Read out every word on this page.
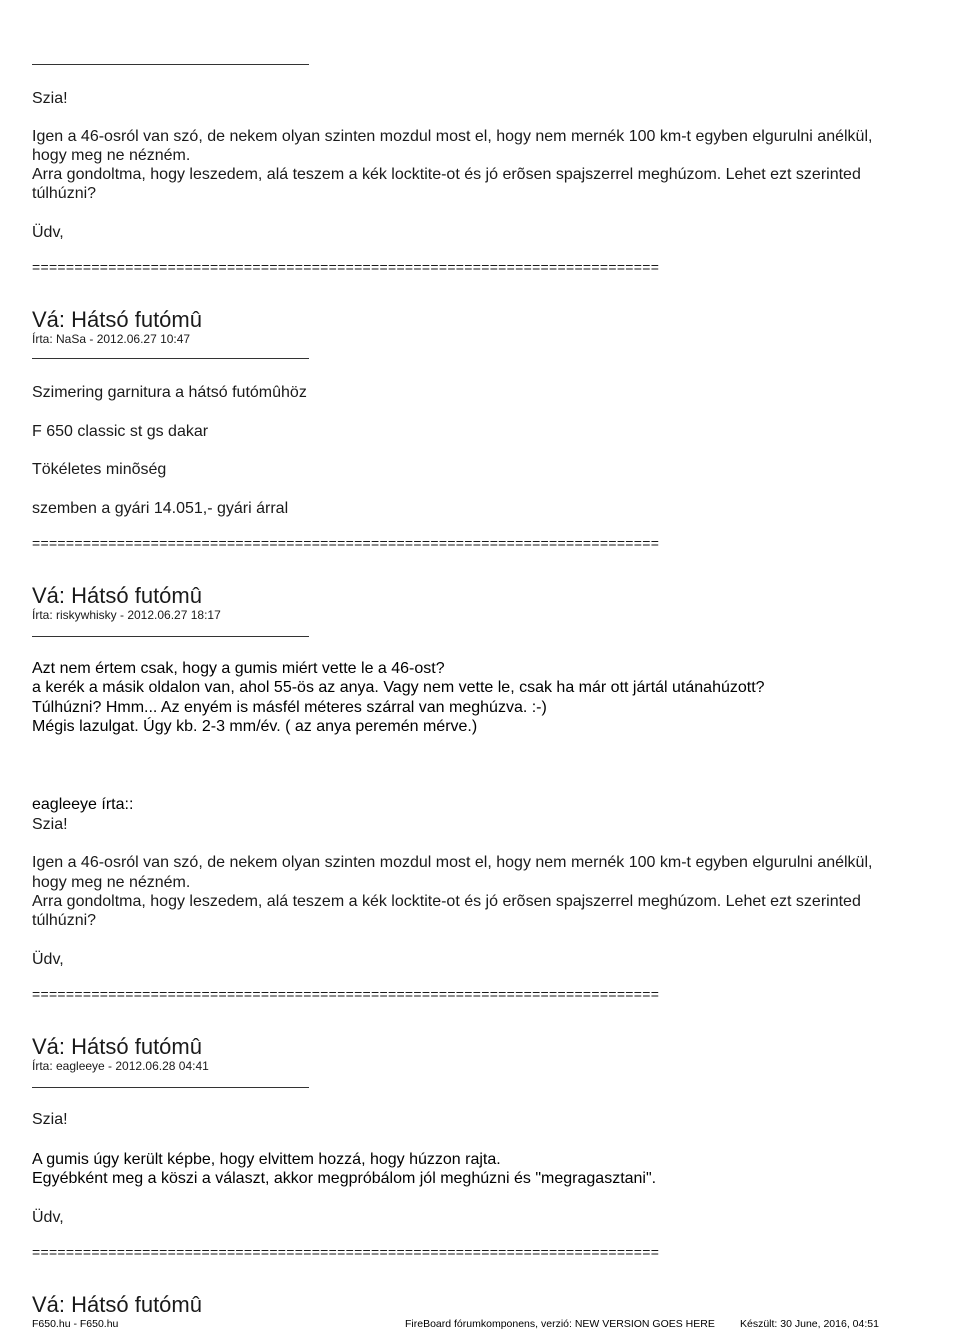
Szia!

Igen a 46-osról van szó, de nekem olyan szinten mozdul most el, hogy nem mernék 100 km-t egyben elgurulni anélkül,

hogy meg ne nézném.

Arra gondoltma, hogy leszedem, alá teszem a kék locktite-ot és jó erõsen spajszerrel meghúzom. Lehet ezt szerinted

túlhúzni?

Üdv,

==========================================================================

Vá: Hátsó futómû

Írta: NaSa - 2012.06.27 10:47

Szimering garnitura a hátsó futómûhöz

F 650 classic st gs dakar

Tökéletes minõség

szemben a gyári 14.051,- gyári árral

==========================================================================

Vá: Hátsó futómû

Írta: riskywhisky - 2012.06.27 18:17

Azt nem értem csak, hogy a gumis miért vette le a 46-ost?

a kerék a másik oldalon van, ahol 55-ös az anya. Vagy nem vette le, csak ha már ott jártál utánahúzott?

Túlhúzni? Hmm... Az enyém is másfél méteres szárral van meghúzva. :-)

Mégis lazulgat. Úgy kb. 2-3 mm/év. ( az anya peremén mérve.)

eagleeye írta::

Szia!

Igen a 46-osról van szó, de nekem olyan szinten mozdul most el, hogy nem mernék 100 km-t egyben elgurulni anélkül,

hogy meg ne nézném.

Arra gondoltma, hogy leszedem, alá teszem a kék locktite-ot és jó erõsen spajszerrel meghúzom. Lehet ezt szerinted

túlhúzni?

Üdv,

==========================================================================

Vá: Hátsó futómû

Írta: eagleeye - 2012.06.28 04:41

Szia!

A gumis úgy került képbe, hogy elvittem hozzá, hogy húzzon rajta.

Egyébként meg a köszi a választ, akkor megpróbálom jól meghúzni és "megragasztani".

Üdv,

==========================================================================

Vá: Hátsó futómû
F650.hu - F650.hu	FireBoard fórumkomponens, verzió: NEW VERSION GOES HERE Készült: 30 June, 2016, 04:51
